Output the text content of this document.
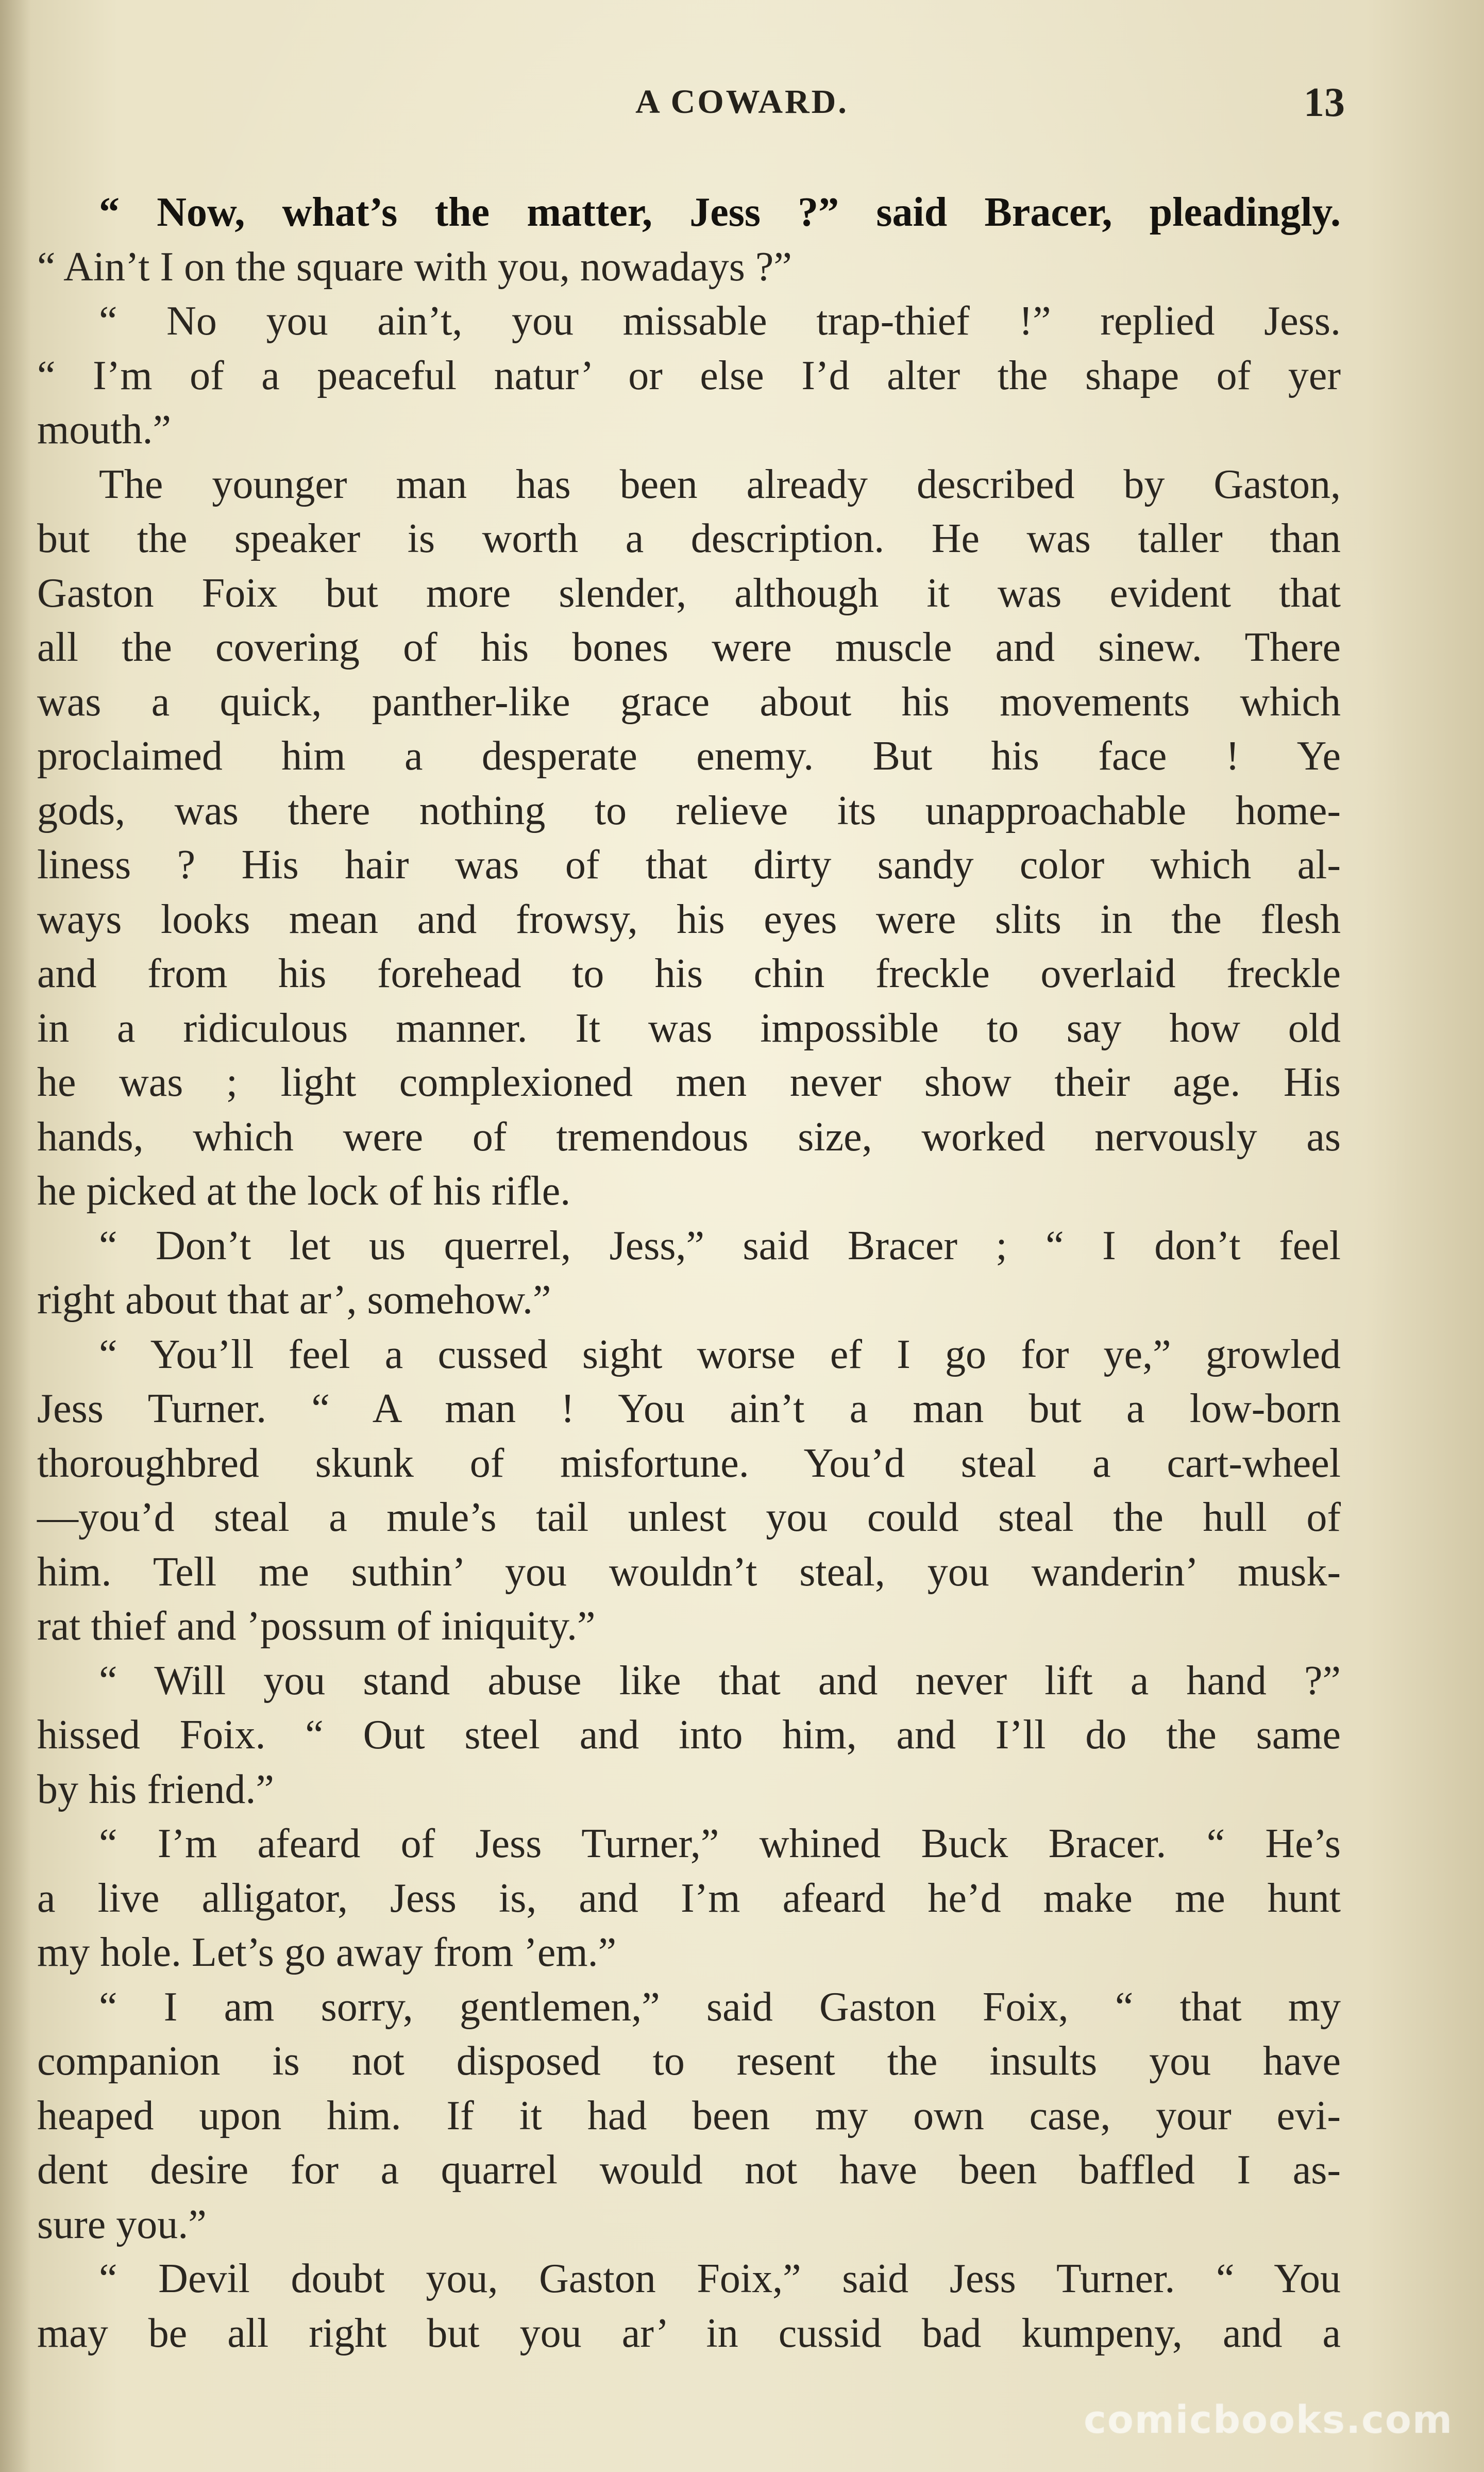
A COWARD.	13
“ Now, what’s the matter, Jess ?” said Bracer, pleadingly.
“ Ain’t I on the square with you, nowadays ?”
“ No you ain’t, you missable trap-thief !” replied Jess.
“ I’m of a peaceful natur’ or else I’d alter the shape of yer
mouth.”
The younger man has been already described by Gaston,
but the speaker is worth a description. He was taller than
Gaston Foix but more slender, although it was evident that
all the covering of his bones were muscle and sinew. There
was a quick, panther-like grace about his movements which
proclaimed him a desperate enemy. But his face ! Ye
gods, was there nothing to relieve its unapproachable home-
liness ? His hair was of that dirty sandy color which al-
ways looks mean and frowsy, his eyes were slits in the flesh
and from his forehead to his chin freckle overlaid freckle
in a ridiculous manner. It was impossible to say how old
he was ; light complexioned men never show their age. His
hands, which were of tremendous size, worked nervously as
he picked at the lock of his rifle.
“ Don’t let us querrel, Jess,” said Bracer ; “ I don’t feel
right about that ar’, somehow.”
“ You’ll feel a cussed sight worse ef I go for ye,” growled
Jess Turner. “ A man ! You ain’t a man but a low-born
thoroughbred skunk of misfortune. You’d steal a cart-wheel
—you’d steal a mule’s tail unlest you could steal the hull of
him. Tell me suthin’ you wouldn’t steal, you wanderin’ musk-
rat thief and ’possum of iniquity.”
“ Will you stand abuse like that and never lift a hand ?”
hissed Foix. “ Out steel and into him, and I’ll do the same
by his friend.”
“ I’m afeard of Jess Turner,” whined Buck Bracer. “ He’s
a live alligator, Jess is, and I’m afeard he’d make me hunt
my hole. Let’s go away from ’em.”
“ I am sorry, gentlemen,” said Gaston Foix, “ that my
companion is not disposed to resent the insults you have
heaped upon him. If it had been my own case, your evi-
dent desire for a quarrel would not have been baffled I as-
sure you.”
“ Devil doubt you, Gaston Foix,” said Jess Turner. “ You
may be all right but you ar’ in cussid bad kumpeny, and a
comicbooks.com
